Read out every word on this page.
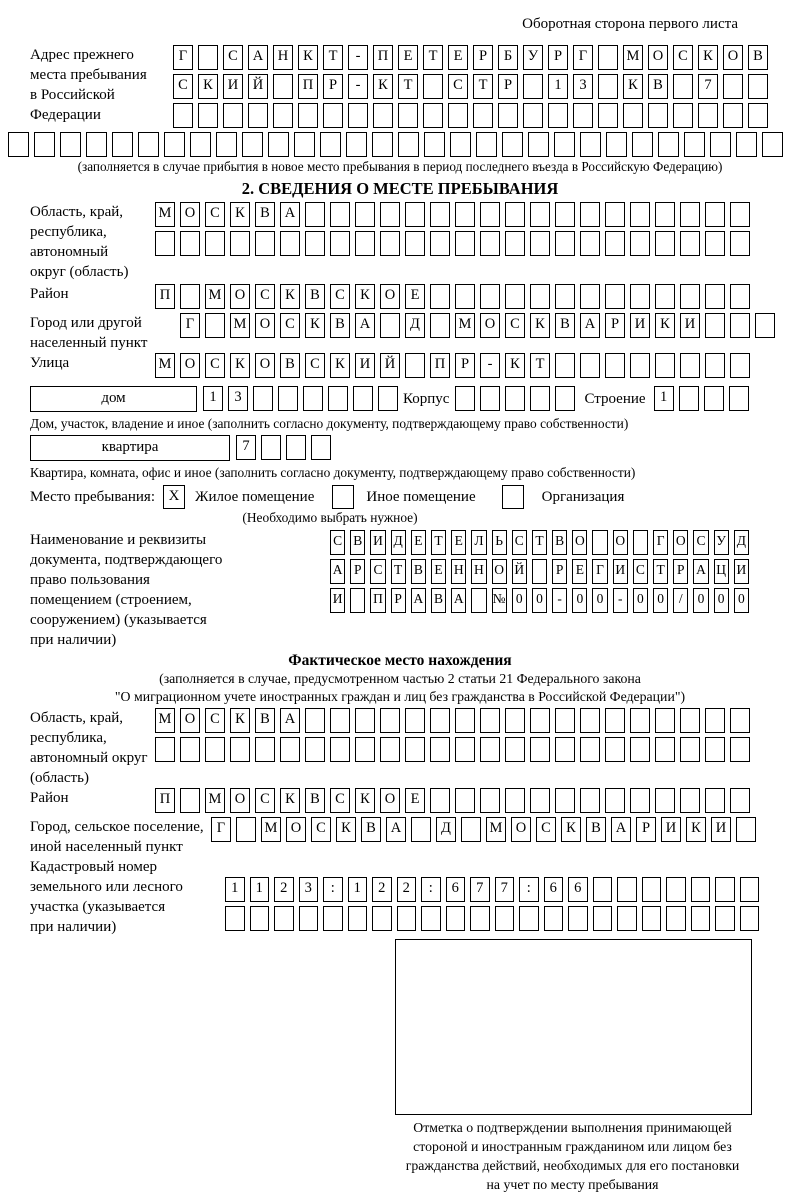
Оборотная сторона первого листа
Адрес прежнего
места пребывания
в Российской
Федерации
Г	С А Н К Т - П Е Т Е Р Б У Р Г	М О С К О В
С К И Й	П Р - К Т	С Т Р	1 3	К В	7
(заполняется в случае прибытия в новое место пребывания в период последнего въезда в Российскую Федерацию)
2. СВЕДЕНИЯ О МЕСТЕ ПРЕБЫВАНИЯ
Область, край,
республика,
автономный
округ (область)
М О С К В А
Район	П	М О С К В С К О Е
Город или другой
населенный пункт
Г	М О С К В А	Д	М О С К В А Р И К И
Улица	М О С К О В С К И Й	П Р - К Т
дом	1 3	Корпус	Строение 1
Дом, участок, владение и иное (заполнить согласно документу, подтверждающему право собственности)
квартира	7
Квартира, комната, офис и иное (заполнить согласно документу, подтверждающему право собственности)
Место пребывания: X	Жилое помещение	Иное помещение	Организация
(Необходимо выбрать нужное)
Наименование и реквизиты
документа, подтверждающего
право пользования
помещением (строением,
сооружением) (указывается
при наличии)
С В И Д Е Т Е Л Ь С Т В О О Г О С У Д
А Р С Т В Е Н Н О Й Р Е Г И С Т Р А Ц И
И П Р А В А № 0 0 - 0 0 - 0 0 / 0 0 0
Фактическое место нахождения
(заполняется в случае, предусмотренном частью 2 статьи 21 Федерального закона
"О миграционном учете иностранных граждан и лиц без гражданства в Российской Федерации")
Область, край,
республика,
автономный округ
(область)
М О С К В А
Район	П	М О С К В С К О Е
Город, сельское поселение,
иной населенный пункт
Г	М О С К В А	Д	М О С К В А Р И К И
Кадастровый номер
земельного или лесного
участка (указывается
при наличии)
1 1 2 3 : 1 2 2 : 6 7 7 : 6 6
Отметка о подтверждении выполнения принимающей
стороной и иностранным гражданином или лицом без
гражданства действий, необходимых для его постановки
на учет по месту пребывания
